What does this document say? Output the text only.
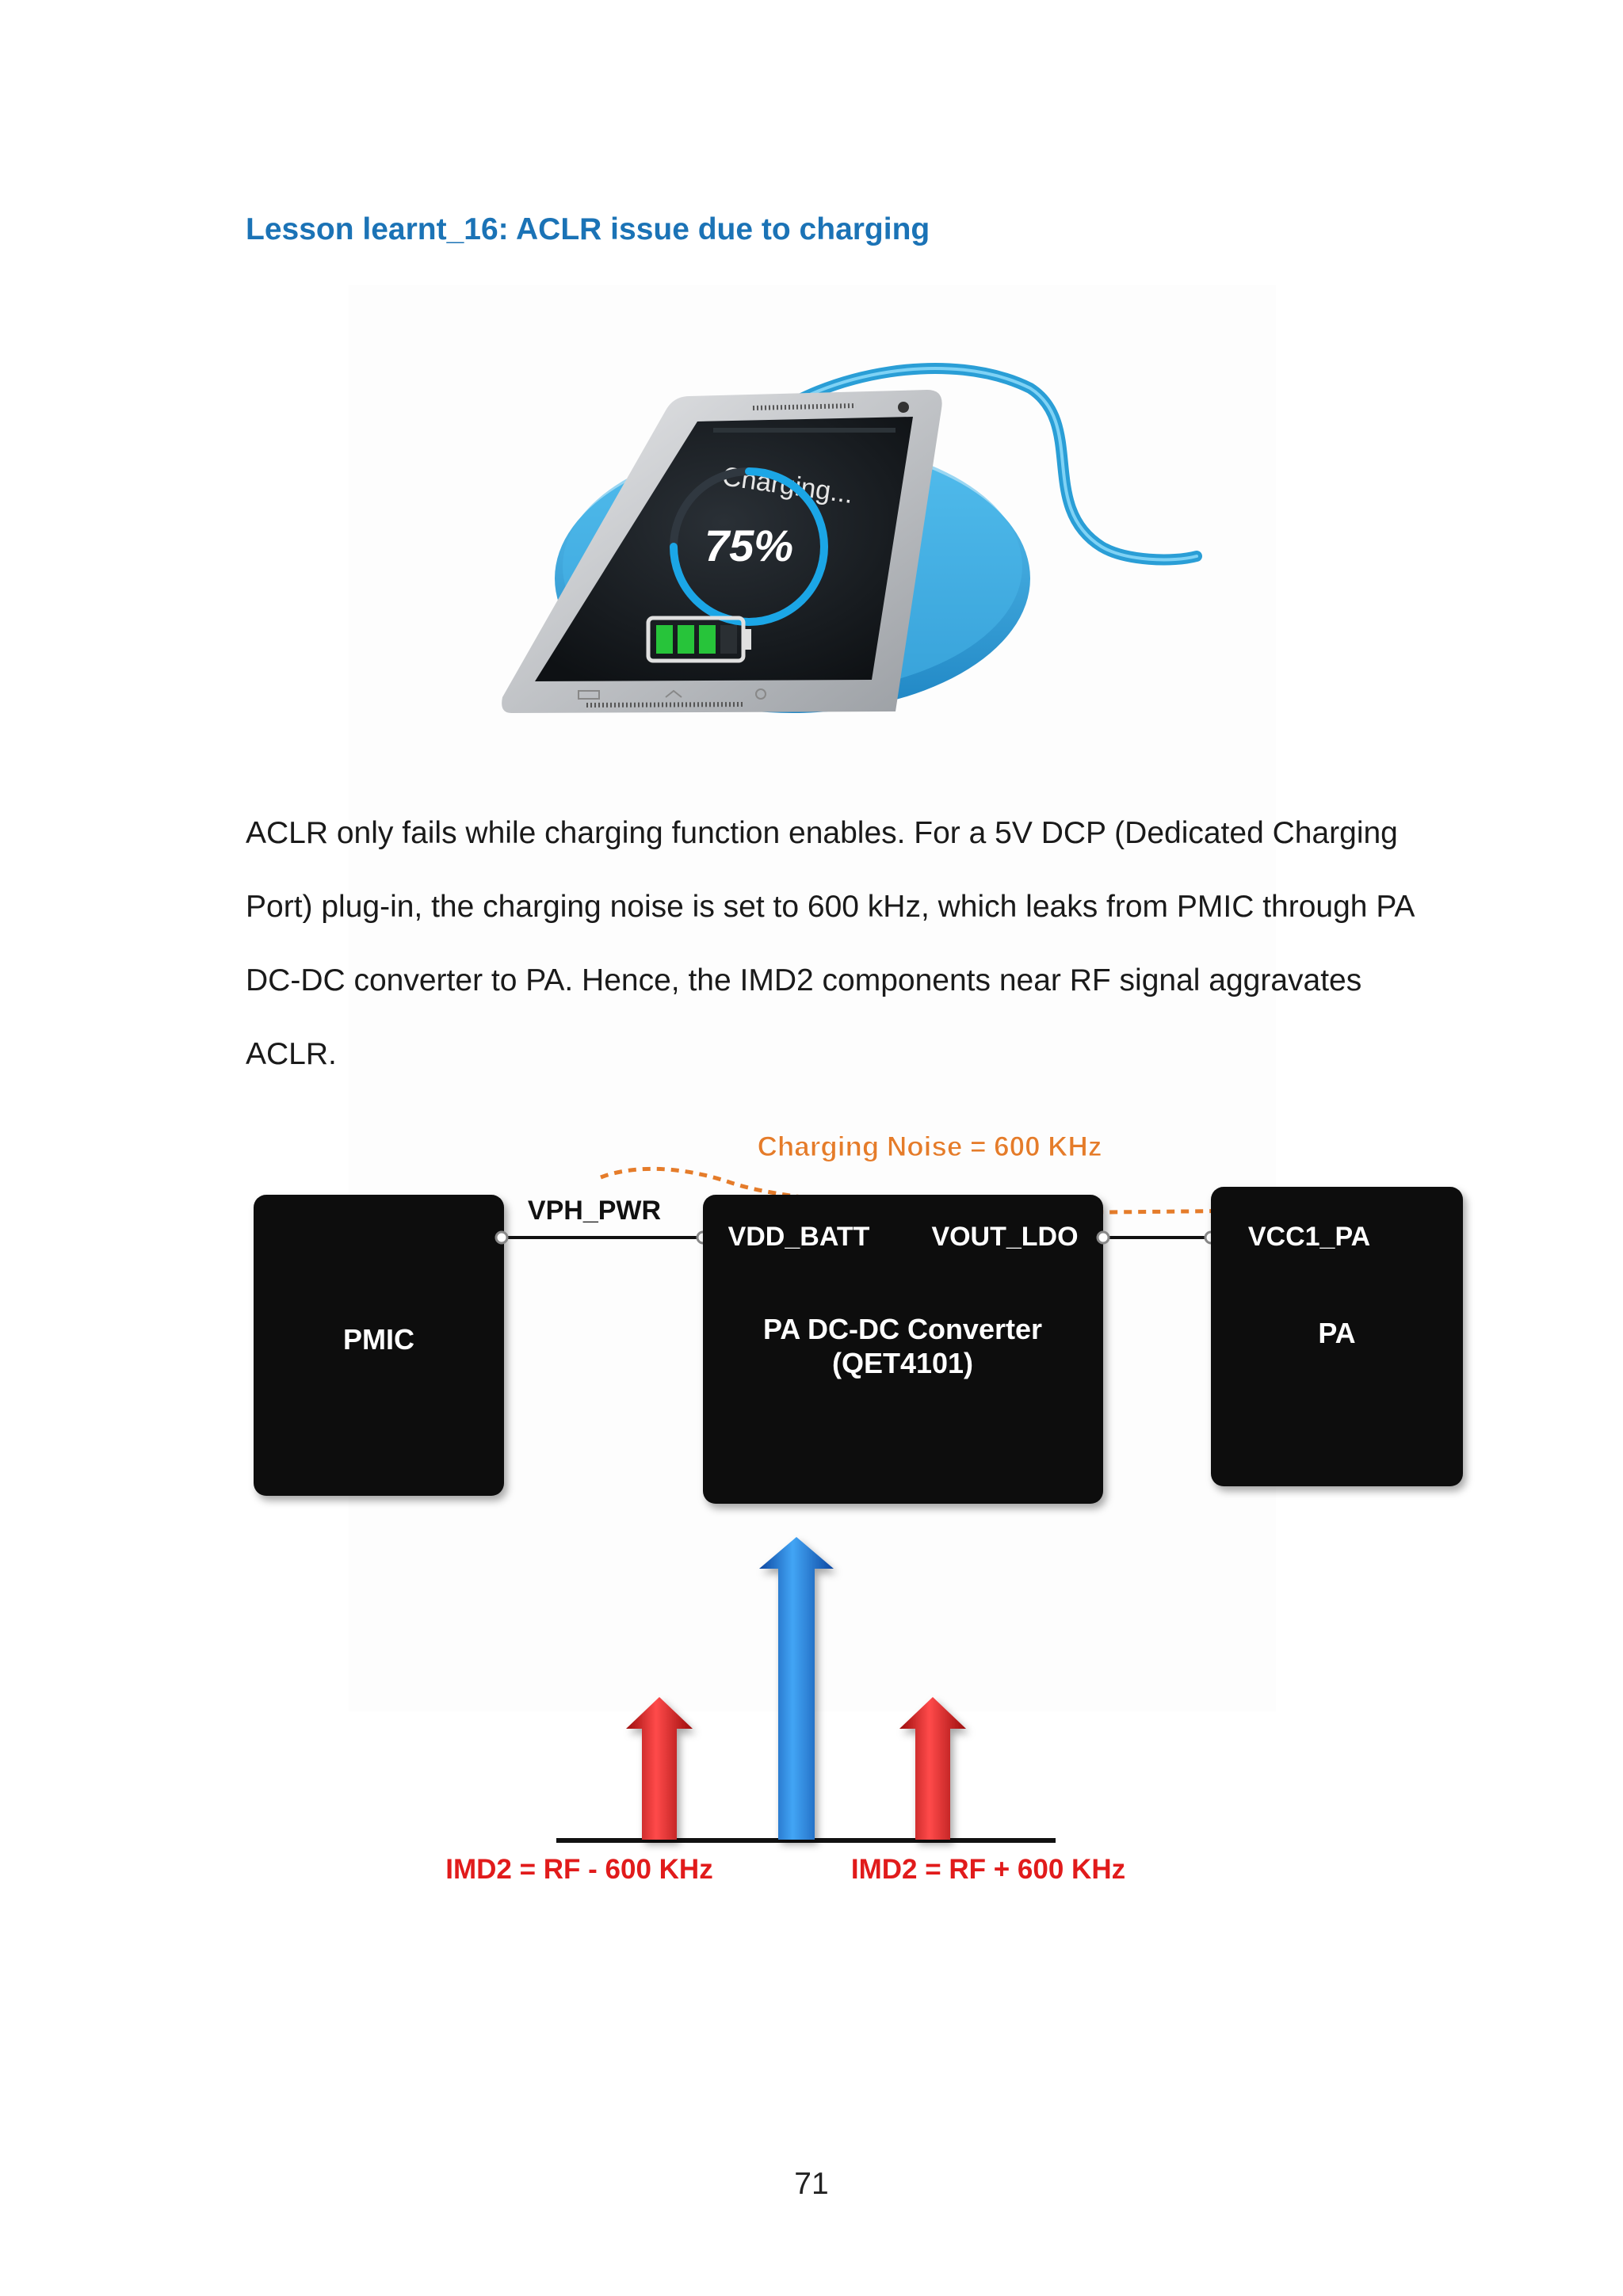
Lesson learnt_16: ACLR issue due to charging
Charging...
75%

ACLR only fails while charging function enables. For a 5V DCP (Dedicated Charging Port) plug-in, the charging noise is set to 600 kHz, which leaks from PMIC through PA DC-DC converter to PA. Hence, the IMD2 components near RF signal aggravates ACLR.

Charging Noise = 600 KHz
PMIC
VPH_PWR
VDD_BATT VOUT_LDO
PA DC-DC Converter
(QET4101)
VCC1_PA
PA
IMD2 = RF - 600 KHz	IMD2 = RF + 600 KHz
71
